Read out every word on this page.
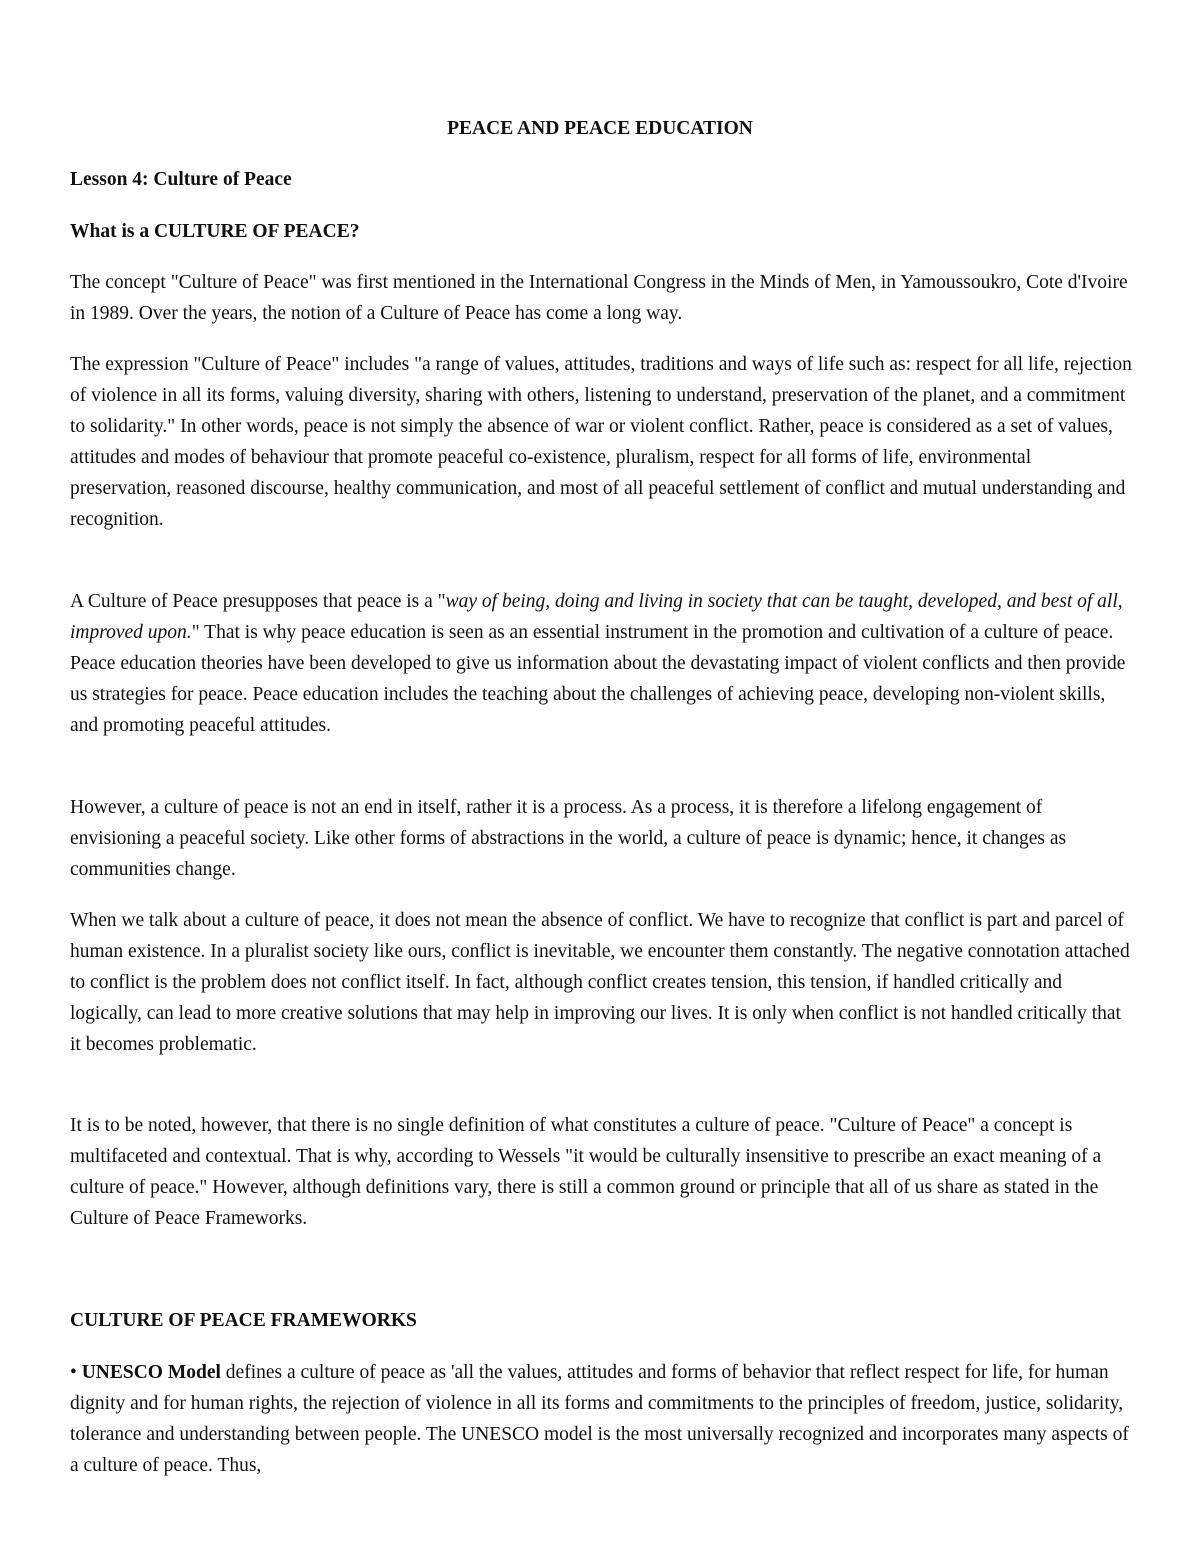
PEACE AND PEACE EDUCATION

Lesson 4: Culture of Peace

What is a CULTURE OF PEACE?

The concept "Culture of Peace" was first mentioned in the International Congress in the Minds of Men, in Yamoussoukro, Cote d'Ivoire in 1989. Over the years, the notion of a Culture of Peace has come a long way.

The expression "Culture of Peace" includes "a range of values, attitudes, traditions and ways of life such as: respect for all life, rejection of violence in all its forms, valuing diversity, sharing with others, listening to understand, preservation of the planet, and a commitment to solidarity." In other words, peace is not simply the absence of war or violent conflict. Rather, peace is considered as a set of values, attitudes and modes of behaviour that promote peaceful co-existence, pluralism, respect for all forms of life, environmental preservation, reasoned discourse, healthy communication, and most of all peaceful settlement of conflict and mutual understanding and recognition.

A Culture of Peace presupposes that peace is a "way of being, doing and living in society that can be taught, developed, and best of all, improved upon." That is why peace education is seen as an essential instrument in the promotion and cultivation of a culture of peace. Peace education theories have been developed to give us information about the devastating impact of violent conflicts and then provide us strategies for peace. Peace education includes the teaching about the challenges of achieving peace, developing non-violent skills, and promoting peaceful attitudes.

However, a culture of peace is not an end in itself, rather it is a process. As a process, it is therefore a lifelong engagement of envisioning a peaceful society. Like other forms of abstractions in the world, a culture of peace is dynamic; hence, it changes as communities change.

When we talk about a culture of peace, it does not mean the absence of conflict. We have to recognize that conflict is part and parcel of human existence. In a pluralist society like ours, conflict is inevitable, we encounter them constantly. The negative connotation attached to conflict is the problem does not conflict itself. In fact, although conflict creates tension, this tension, if handled critically and logically, can lead to more creative solutions that may help in improving our lives. It is only when conflict is not handled critically that it becomes problematic.

It is to be noted, however, that there is no single definition of what constitutes a culture of peace. "Culture of Peace" a concept is multifaceted and contextual. That is why, according to Wessels "it would be culturally insensitive to prescribe an exact meaning of a culture of peace." However, although definitions vary, there is still a common ground or principle that all of us share as stated in the Culture of Peace Frameworks.

CULTURE OF PEACE FRAMEWORKS

• UNESCO Model defines a culture of peace as 'all the values, attitudes and forms of behavior that reflect respect for life, for human dignity and for human rights, the rejection of violence in all its forms and commitments to the principles of freedom, justice, solidarity, tolerance and understanding between people. The UNESCO model is the most universally recognized and incorporates many aspects of a culture of peace. Thus,
